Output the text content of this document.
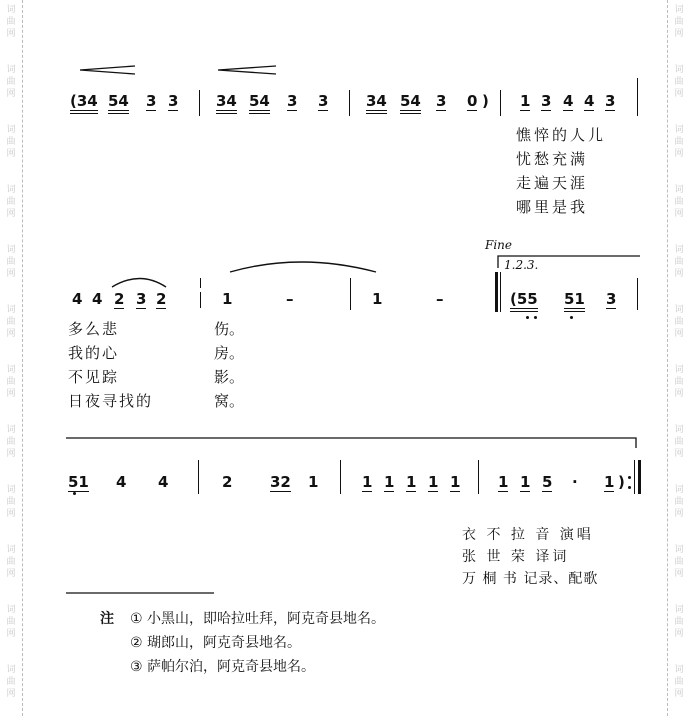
词
曲
网
词
曲
网
词
曲
网
词
曲
网
词
曲
网
词
曲
网
词
曲
网
词
曲
网
词
曲
网
词
曲
网
词
曲
网
词
曲
网
词
曲
网
词
曲
网
词
曲
网
词
曲
网
词
曲
网
词
曲
网
词
曲
网
词
曲
网
词
曲
网
词
曲
网
词
曲
网
词
曲
网
(34 54 3 3	34 54 3 3	34 54 3 0 ) 1 3 4 4 3
憔悴的人儿
忧愁充满
走遍天涯
哪里是我
Fine
1.2.3.
4 4 2 3 2	1	–	1	–	(55 51 3
多么悲	伤。
我的心	房。
不见踪	影。
日夜寻找的	窝。
51 4 4	2	32 1	1 1 1 1 1	1 1 5 · 1 )
衣 不 拉 音 演唱
张 世 荣 译词
万 桐 书 记录、配歌
注 ① 小黑山，即哈拉吐拜，阿克奇县地名。
② 瑚郎山，阿克奇县地名。
③ 萨帕尔泊，阿克奇县地名。
